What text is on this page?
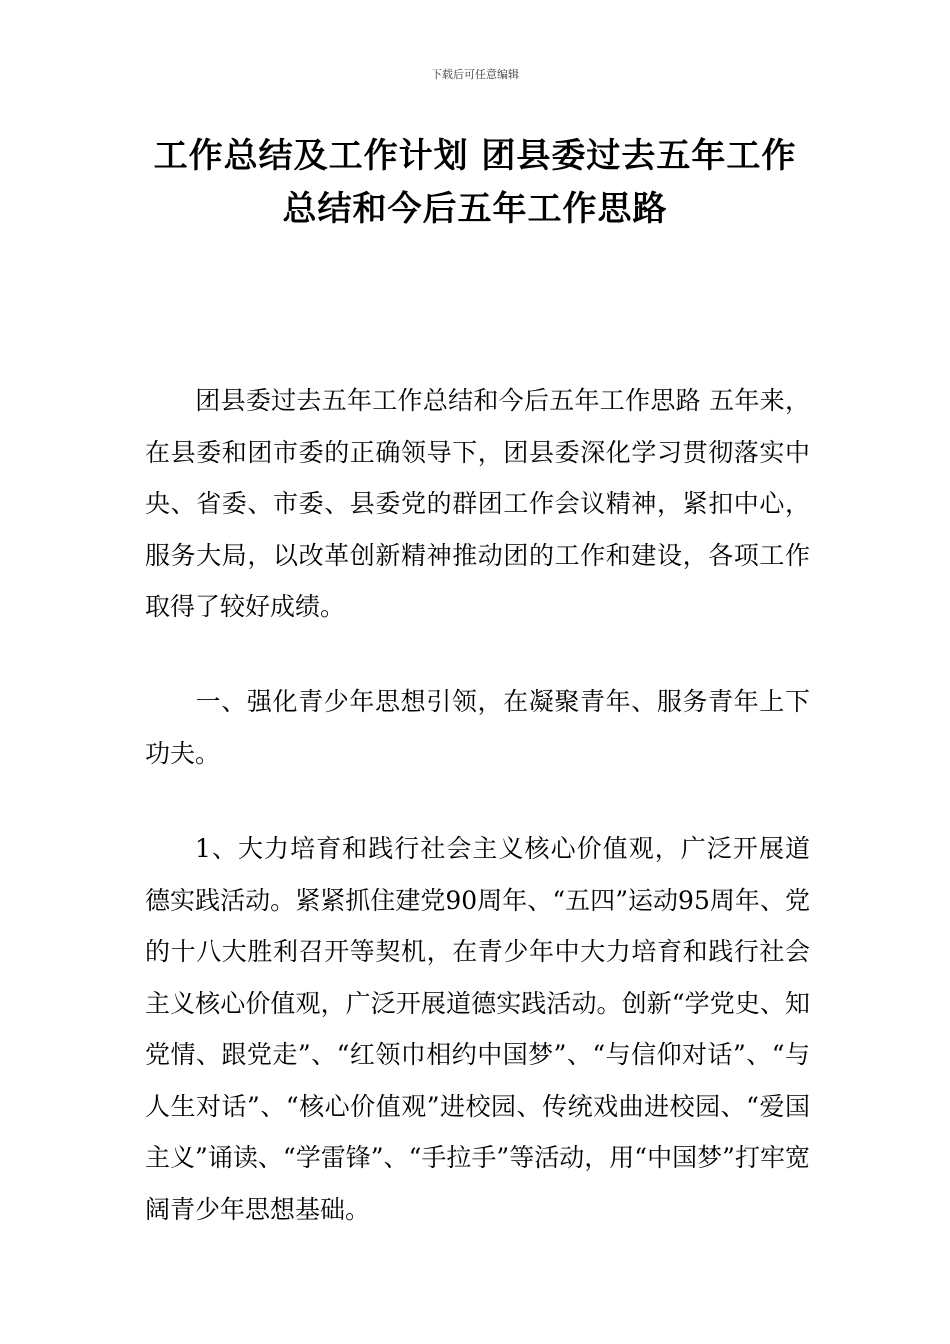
下载后可任意编辑
工作总结及工作计划 团县委过去五年工作
总结和今后五年工作思路

团县委过去五年工作总结和今后五年工作思路 五年来，在县委和团市委的正确领导下，团县委深化学习贯彻落实中央、省委、市委、县委党的群团工作会议精神，紧扣中心，服务大局，以改革创新精神推动团的工作和建设，各项工作取得了较好成绩。

一、强化青少年思想引领，在凝聚青年、服务青年上下功夫。

1、大力培育和践行社会主义核心价值观，广泛开展道德实践活动。紧紧抓住建党90周年、“五四”运动95周年、党的十八大胜利召开等契机，在青少年中大力培育和践行社会主义核心价值观，广泛开展道德实践活动。创新“学党史、知党情、跟党走”、“红领巾相约中国梦”、“与信仰对话”、“与人生对话”、“核心价值观”进校园、传统戏曲进校园、“爱国主义”诵读、“学雷锋”、“手拉手”等活动，用“中国梦”打牢宽阔青少年思想基础。
